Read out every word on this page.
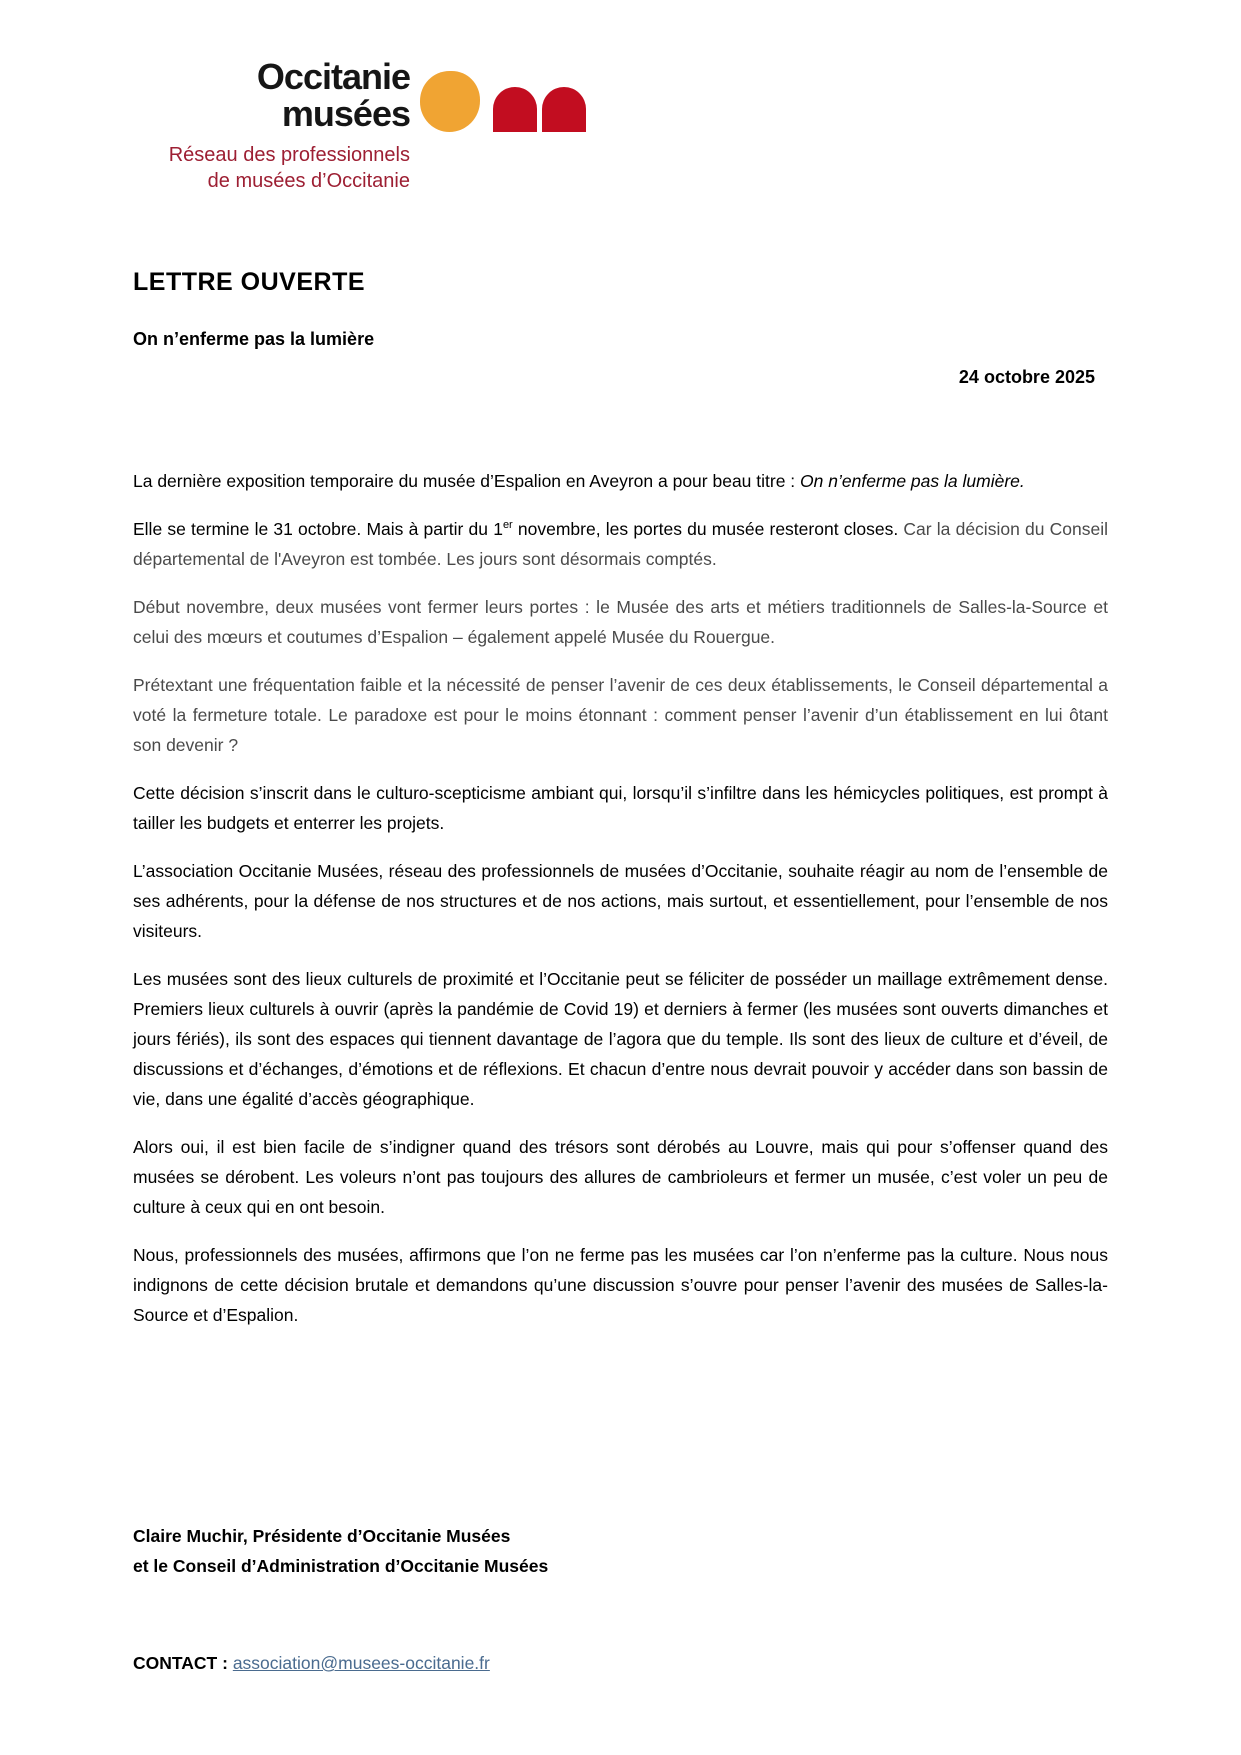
Occitanie
musées
Réseau des professionnels
de musées d’Occitanie
LETTRE OUVERTE
On n’enferme pas la lumière
24 octobre 2025

La dernière exposition temporaire du musée d’Espalion en Aveyron a pour beau titre : On n’enferme pas la lumière.

Elle se termine le 31 octobre. Mais à partir du 1er novembre, les portes du musée resteront closes. Car la décision du Conseil départemental de l'Aveyron est tombée. Les jours sont désormais comptés.

Début novembre, deux musées vont fermer leurs portes : le Musée des arts et métiers traditionnels de Salles-la-Source et celui des mœurs et coutumes d’Espalion – également appelé Musée du Rouergue.

Prétextant une fréquentation faible et la nécessité de penser l’avenir de ces deux établissements, le Conseil départemental a voté la fermeture totale. Le paradoxe est pour le moins étonnant : comment penser l’avenir d’un établissement en lui ôtant son devenir ?

Cette décision s’inscrit dans le culturo-scepticisme ambiant qui, lorsqu’il s’infiltre dans les hémicycles politiques, est prompt à tailler les budgets et enterrer les projets.

L’association Occitanie Musées, réseau des professionnels de musées d’Occitanie, souhaite réagir au nom de l’ensemble de ses adhérents, pour la défense de nos structures et de nos actions, mais surtout, et essentiellement, pour l’ensemble de nos visiteurs.

Les musées sont des lieux culturels de proximité et l’Occitanie peut se féliciter de posséder un maillage extrêmement dense. Premiers lieux culturels à ouvrir (après la pandémie de Covid 19) et derniers à fermer (les musées sont ouverts dimanches et jours fériés), ils sont des espaces qui tiennent davantage de l’agora que du temple. Ils sont des lieux de culture et d’éveil, de discussions et d’échanges, d’émotions et de réflexions. Et chacun d’entre nous devrait pouvoir y accéder dans son bassin de vie, dans une égalité d’accès géographique.

Alors oui, il est bien facile de s’indigner quand des trésors sont dérobés au Louvre, mais qui pour s’offenser quand des musées se dérobent. Les voleurs n’ont pas toujours des allures de cambrioleurs et fermer un musée, c’est voler un peu de culture à ceux qui en ont besoin.

Nous, professionnels des musées, affirmons que l’on ne ferme pas les musées car l’on n’enferme pas la culture. Nous nous indignons de cette décision brutale et demandons qu’une discussion s’ouvre pour penser l’avenir des musées de Salles-la-Source et d’Espalion.

Claire Muchir, Présidente d’Occitanie Musées
et le Conseil d’Administration d’Occitanie Musées
CONTACT : association@musees-occitanie.fr
